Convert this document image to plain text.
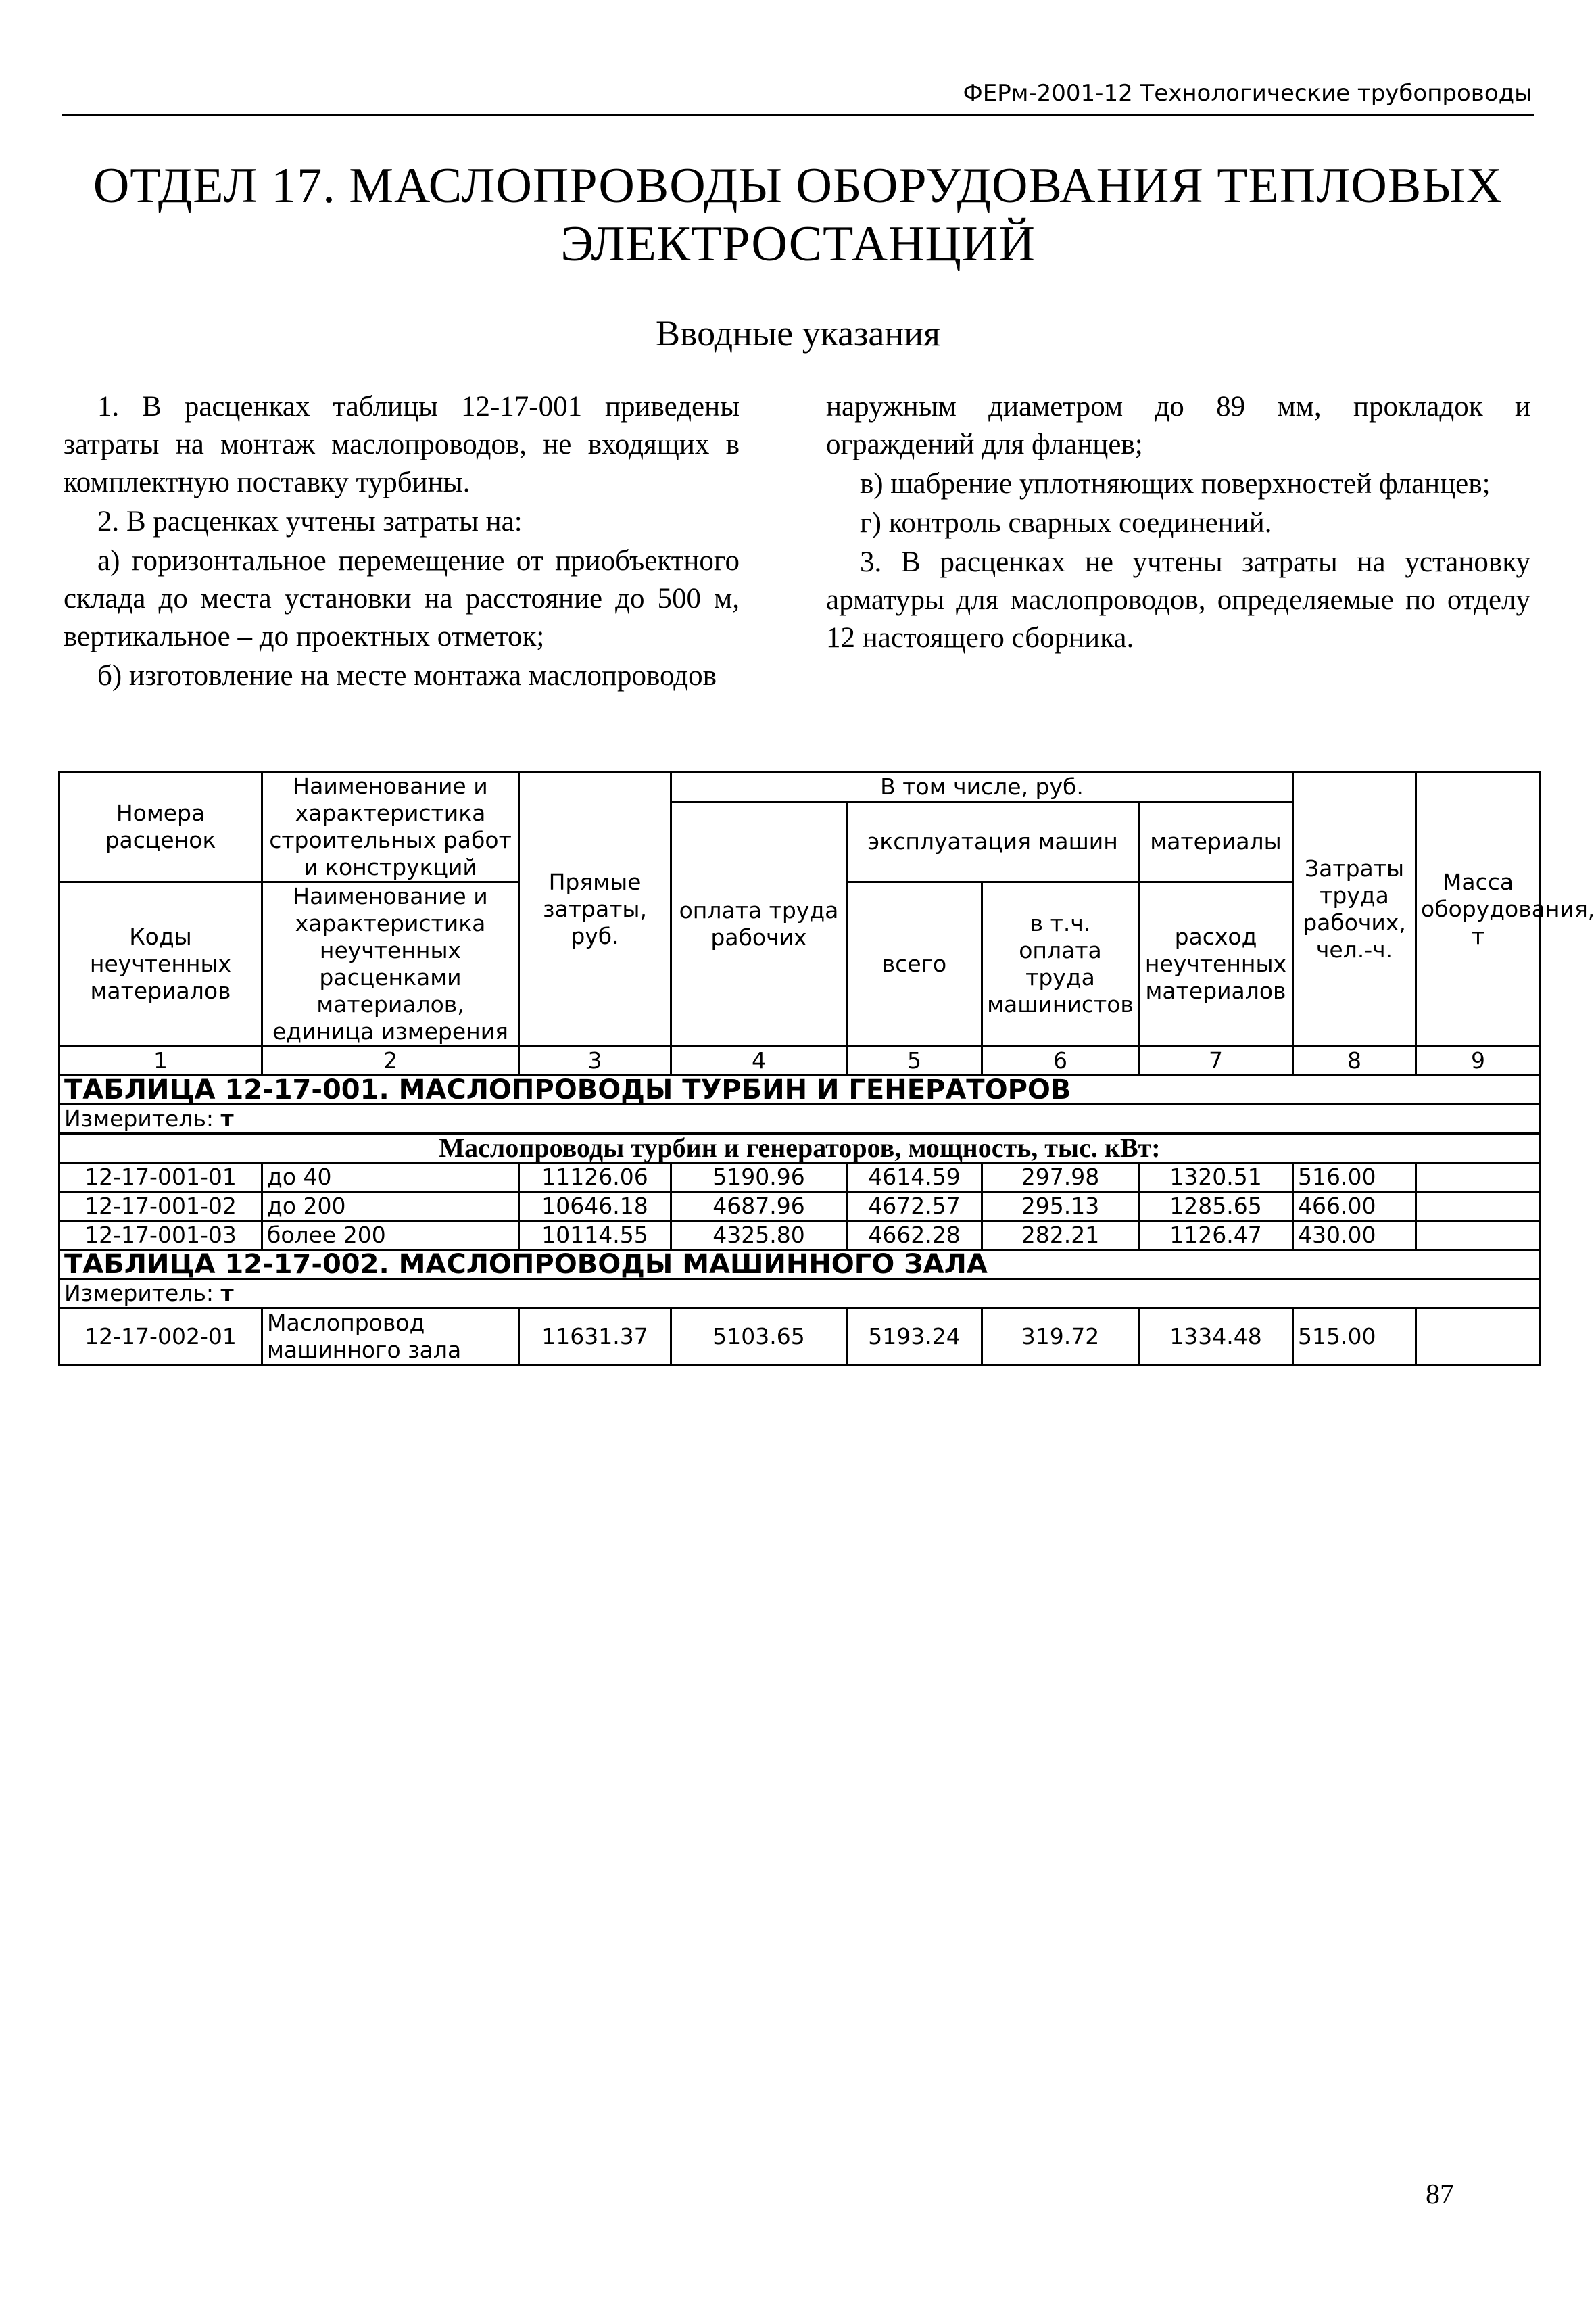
ФЕРм-2001-12 Технологические трубопроводы
ОТДЕЛ 17. МАСЛОПРОВОДЫ ОБОРУДОВАНИЯ ТЕПЛОВЫХ
ЭЛЕКТРОСТАНЦИЙ
Вводные указания

1. В расценках таблицы 12-17-001 приведены затраты на монтаж маслопроводов, не входящих в комплектную поставку турбины.

2. В расценках учтены затраты на:

а) горизонтальное перемещение от приобъектного склада до места установки на расстояние до 500 м, вертикальное – до проектных отметок;

б) изготовление на месте монтажа маслопроводов

наружным диаметром до 89 мм, прокладок и ограждений для фланцев;

в) шабрение уплотняющих поверхностей фланцев;

г) контроль сварных соединений.

3. В расценках не учтены затраты на установку арматуры для маслопроводов, определяемые по отделу 12 настоящего сборника.

Номера расценок	Наименование и характеристика строительных работ и конструкций	Прямые затраты, руб.	В том числе, руб.				Затраты труда рабочих, чел.-ч.	Масса оборудования, т
			оплата труда рабочих	эксплуатация машин		материалы		
				всего	в т.ч. оплата труда машинистов	расход неучтенных материалов		
Коды неучтенных материалов	Наименование и характеристика неучтенных расценками материалов, единица измерения							

1	2	3	4	5	6	7	8	9
ТАБЛИЦА 12-17-001. МАСЛОПРОВОДЫ ТУРБИН И ГЕНЕРАТОРОВ								
Измеритель: т								
Маслопроводы турбин и генераторов, мощность, тыс. кВт:								
12-17-001-01	до 40	11126.06	5190.96	4614.59	297.98	1320.51	516.00	
12-17-001-02	до 200	10646.18	4687.96	4672.57	295.13	1285.65	466.00	
12-17-001-03	более 200	10114.55	4325.80	4662.28	282.21	1126.47	430.00	
ТАБЛИЦА 12-17-002. МАСЛОПРОВОДЫ МАШИННОГО ЗАЛА								
Измеритель: т								
12-17-002-01	Маслопровод машинного зала	11631.37	5103.65	5193.24	319.72	1334.48	515.00	
87
